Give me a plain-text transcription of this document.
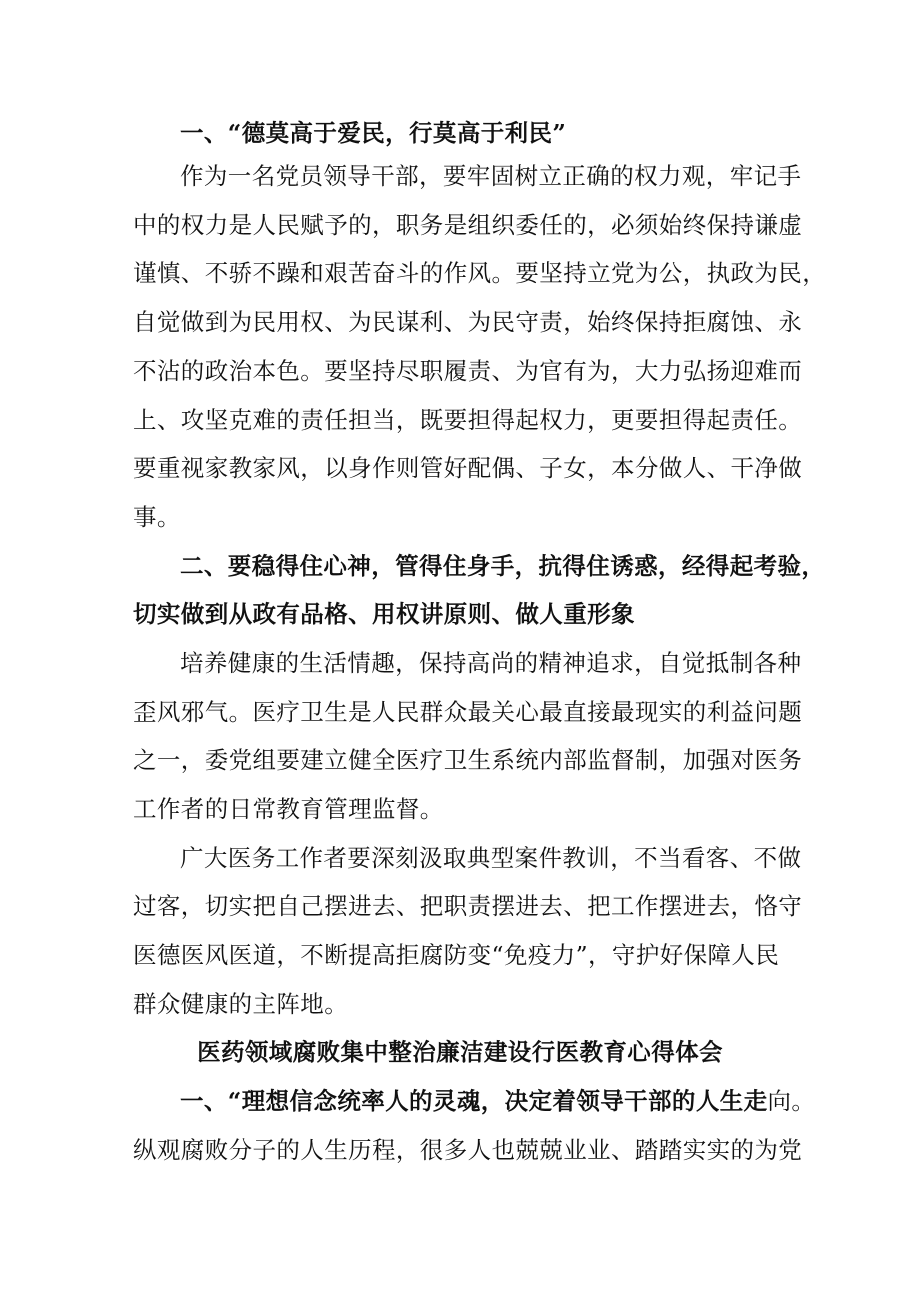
一、“德莫高于爱民，行莫高于利民”
作为一名党员领导干部，要牢固树立正确的权力观，牢记手
中的权力是人民赋予的，职务是组织委任的，必须始终保持谦虚
谨慎、不骄不躁和艰苦奋斗的作风。要坚持立党为公，执政为民，
自觉做到为民用权、为民谋利、为民守责，始终保持拒腐蚀、永
不沾的政治本色。要坚持尽职履责、为官有为，大力弘扬迎难而
上、攻坚克难的责任担当，既要担得起权力，更要担得起责任。
要重视家教家风，以身作则管好配偶、子女，本分做人、干净做
事。
二、要稳得住心神，管得住身手，抗得住诱惑，经得起考验，
切实做到从政有品格、用权讲原则、做人重形象
培养健康的生活情趣，保持高尚的精神追求，自觉抵制各种
歪风邪气。医疗卫生是人民群众最关心最直接最现实的利益问题
之一，委党组要建立健全医疗卫生系统内部监督制，加强对医务
工作者的日常教育管理监督。
广大医务工作者要深刻汲取典型案件教训，不当看客、不做
过客，切实把自己摆进去、把职责摆进去、把工作摆进去，恪守
医德医风医道，不断提高拒腐防变“免疫力”，守护好保障人民
群众健康的主阵地。
医药领域腐败集中整治廉洁建设行医教育心得体会
一、“理想信念统率人的灵魂，决定着领导干部的人生走向。
纵观腐败分子的人生历程，很多人也兢兢业业、踏踏实实的为党
